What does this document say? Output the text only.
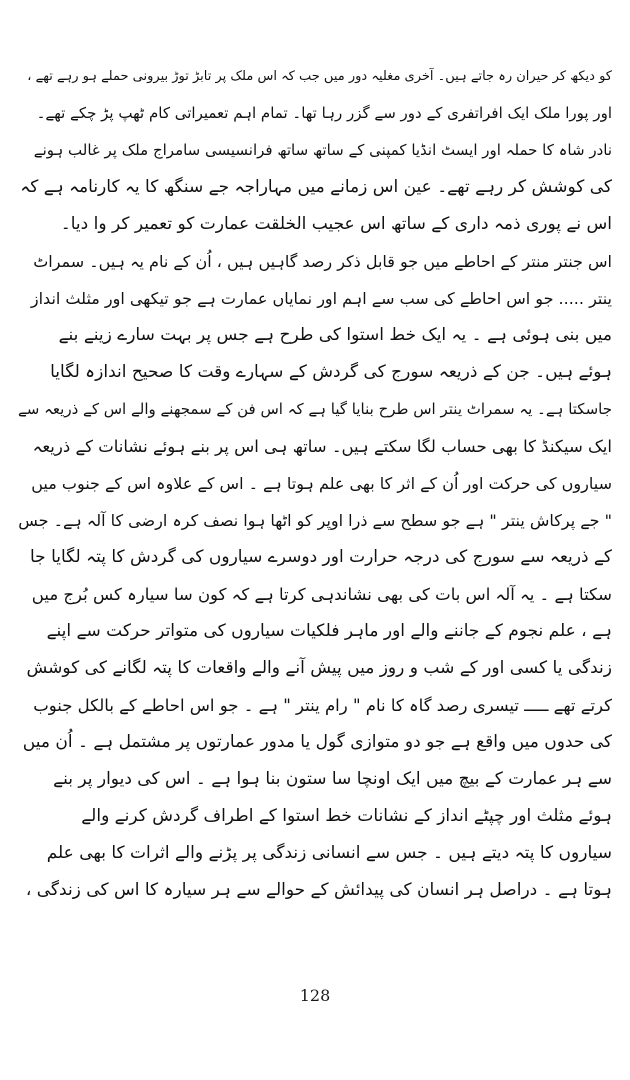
کو دیکھ کر حیران رہ جاتے ہیں۔ آخری مغلیہ دور میں جب کہ اس ملک پر تابڑ توڑ بیرونی حملے ہو رہے تھے ،
اور پورا ملک ایک افراتفری کے دور سے گزر رہا تھا۔ تمام اہم تعمیراتی کام ٹھپ پڑ چکے تھے۔
نادر شاہ کا حملہ اور ایسٹ انڈیا کمپنی کے ساتھ ساتھ فرانسیسی سامراج ملک پر غالب ہونے
کی کوشش کر رہے تھے۔ عین اس زمانے میں مہاراجہ جے سنگھ کا یہ کارنامہ ہے کہ
اس نے پوری ذمہ داری کے ساتھ اس عجیب الخلقت عمارت کو تعمیر کر وا دیا۔
اس جنتر منتر کے احاطے میں جو قابل ذکر رصد گاہیں ہیں ، اُن کے نام یہ ہیں۔ سمراٹ
ینتر ..... جو اس احاطے کی سب سے اہم اور نمایاں عمارت ہے جو تیکھی اور مثلث انداز
میں بنی ہوئی ہے ۔ یہ ایک خط استوا کی طرح ہے جس پر بہت سارے زینے بنے
ہوئے ہیں۔ جن کے ذریعہ سورج کی گردش کے سہارے وقت کا صحیح اندازہ لگایا
جاسکتا ہے۔ یہ سمراٹ ینتر اس طرح بنایا گیا ہے کہ اس فن کے سمجھنے والے اس کے ذریعہ سے
ایک سیکنڈ کا بھی حساب لگا سکتے ہیں۔ ساتھ ہی اس پر بنے ہوئے نشانات کے ذریعہ
سیاروں کی حرکت اور اُن کے اثر کا بھی علم ہوتا ہے ۔ اس کے علاوہ اس کے جنوب میں
" جے پرکاش ینتر " ہے جو سطح سے ذرا اوپر کو اٹھا ہوا نصف کرہ ارضی کا آلہ ہے۔ جس
کے ذریعہ سے سورج کی درجہ حرارت اور دوسرے سیاروں کی گردش کا پتہ لگایا جا
سکتا ہے ۔ یہ آلہ اس بات کی بھی نشاندہی کرتا ہے کہ کون سا سیارہ کس بُرج میں
ہے ، علم نجوم کے جاننے والے اور ماہر فلکیات سیاروں کی متواتر حرکت سے اپنے
زندگی یا کسی اور کے شب و روز میں پیش آنے والے واقعات کا پتہ لگانے کی کوشش
کرتے تھے ـــــ تیسری رصد گاہ کا نام " رام ینتر " ہے ۔ جو اس احاطے کے بالکل جنوب
کی حدوں میں واقع ہے جو دو متوازی گول یا مدور عمارتوں پر مشتمل ہے ۔ اُن میں
سے ہر عمارت کے بیچ میں ایک اونچا سا ستون بنا ہوا ہے ۔ اس کی دیوار پر بنے
ہوئے مثلث اور چپٹے انداز کے نشانات خط استوا کے اطراف گردش کرنے والے
سیاروں کا پتہ دیتے ہیں ۔ جس سے انسانی زندگی پر پڑنے والے اثرات کا بھی علم
ہوتا ہے ۔ دراصل ہر انسان کی پیدائش کے حوالے سے ہر سیارہ کا اس کی زندگی ،
128
